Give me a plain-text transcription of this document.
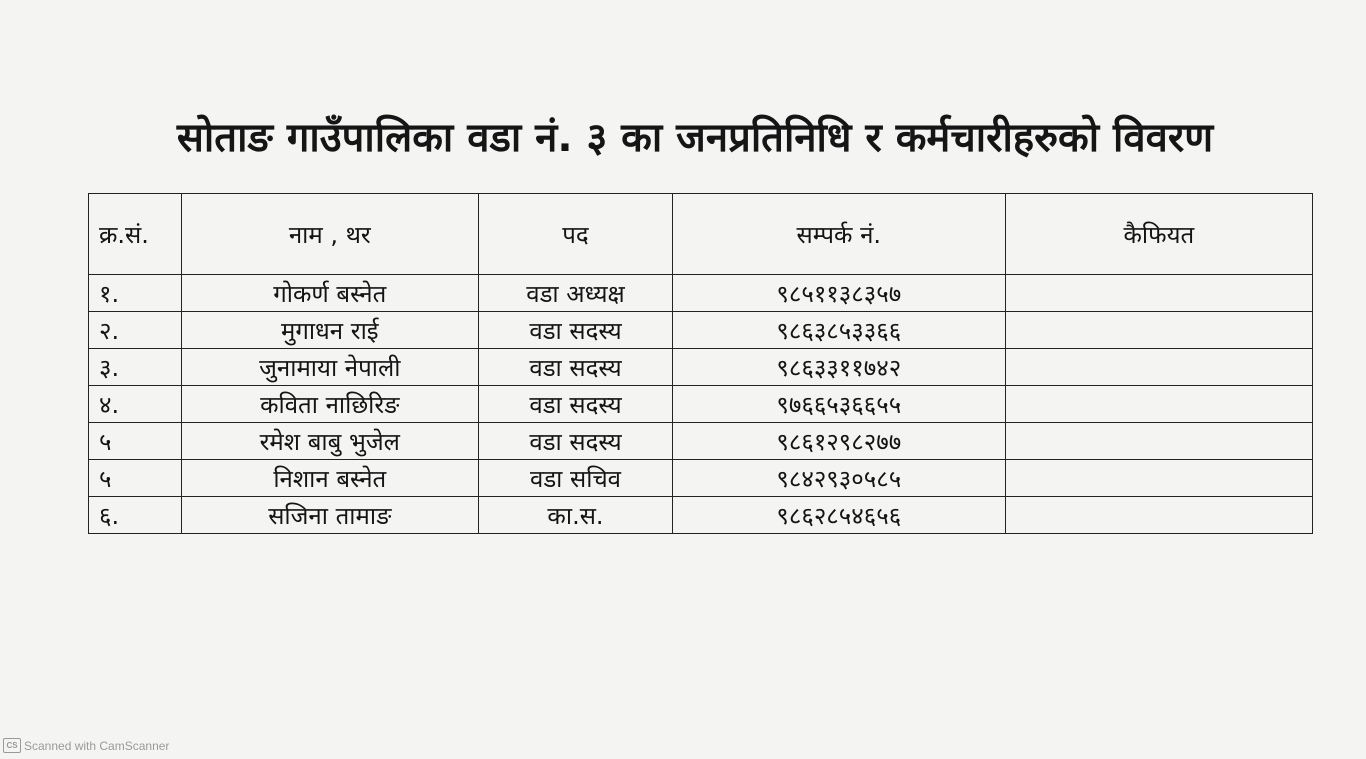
सोताङ गाउँपालिका वडा नं. ३ का जनप्रतिनिधि र कर्मचारीहरुको विवरण
क्र.सं.	नाम , थर	पद	सम्पर्क नं.	कैफियत
१.	गोकर्ण बस्नेत	वडा अध्यक्ष	९८५११३८३५७	
२.	मुगाधन राई	वडा सदस्य	९८६३८५३३६६	
३.	जुनामाया नेपाली	वडा सदस्य	९८६३३११७४२	
४.	कविता नाछिरिङ	वडा सदस्य	९७६६५३६६५५	
५	रमेश बाबु भुजेल	वडा सदस्य	९८६१२९८२७७	
५	निशान बस्नेत	वडा सचिव	९८४२९३०५८५	
६.	सजिना तामाङ	का.स.	९८६२८५४६५६	
CS Scanned with CamScanner
